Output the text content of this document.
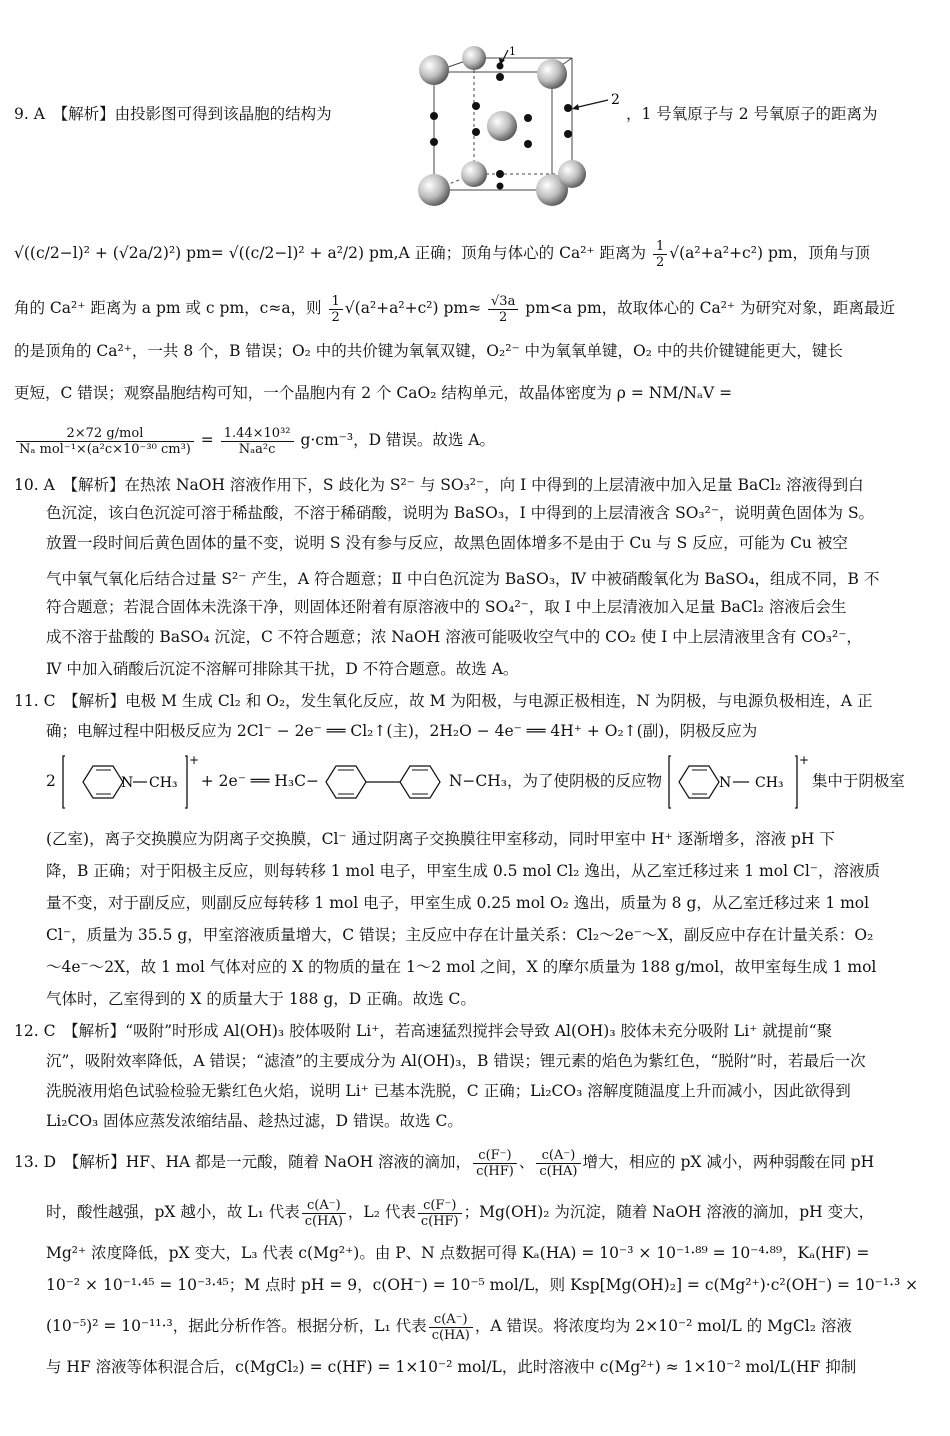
9. A　【解析】由投影图可得到该晶胞的结构为
1
2
，1 号氧原子与 2 号氧原子的距离为
√((c/2−l)² + (√2a/2)²) pm= √((c/2−l)² + a²/2) pm,A 正确；顶角与体心的 Ca²⁺ 距离为 $\frac{1}{2} √(a^2+a^2+c^2)$ pm，顶角与顶
角的 Ca²⁺ 距离为 a pm 或 c pm，c≈a，则 $\frac{1}{2} √(a^2+a^2+c^2)$ $pm\approx \frac{√3a}{2} pm<a$ pm，故取体心的 Ca²⁺ 为研究对象，距离最近
的是顶角的 Ca²⁺，一共 8 个，B 错误；O₂ 中的共价键为氧氧双键，O₂²⁻ 中为氧氧单键，O₂ 中的共价键键能更大，键长
更短，C 错误；观察晶胞结构可知，一个晶胞内有 2 个 CaO₂ 结构单元，故晶体密度为 ρ = NM/NₐV =
$\frac{\text{2×72 g/mol}}{\text{Nₐ mol⁻¹×(a²c×10⁻³⁰ cm³)}} = \frac{\text{1.44×10³²}}{\text{Nₐa²c}} g\cdot cm^{-3}$，D 错误。故选 A。
10. A　【解析】在热浓 NaOH 溶液作用下，S 歧化为 S²⁻ 与 SO₃²⁻，向 Ⅰ 中得到的上层清液中加入足量 BaCl₂ 溶液得到白
色沉淀，该白色沉淀可溶于稀盐酸，不溶于稀硝酸，说明为 BaSO₃，Ⅰ 中得到的上层清液含 SO₃²⁻，说明黄色固体为 S。
放置一段时间后黄色固体的量不变，说明 S 没有参与反应，故黑色固体增多不是由于 Cu 与 S 反应，可能为 Cu 被空
气中氧气氧化后结合过量 S²⁻ 产生，A 符合题意；Ⅱ 中白色沉淀为 BaSO₃，Ⅳ 中被硝酸氧化为 BaSO₄，组成不同，B 不
符合题意；若混合固体未洗涤干净，则固体还附着有原溶液中的 SO₄²⁻，取 Ⅰ 中上层清液加入足量 BaCl₂ 溶液后会生
成不溶于盐酸的 BaSO₄ 沉淀，C 不符合题意；浓 NaOH 溶液可能吸收空气中的 CO₂ 使 Ⅰ 中上层清液里含有 CO₃²⁻，
Ⅳ 中加入硝酸后沉淀不溶解可排除其干扰，D 不符合题意。故选 A。
11. C　【解析】电极 M 生成 Cl₂ 和 O₂，发生氧化反应，故 M 为阳极，与电源正极相连，N 为阴极，与电源负极相连，A 正
确；电解过程中阳极反应为 2Cl⁻ − 2e⁻ ══ Cl₂↑(主)，2H₂O − 4e⁻ ══ 4H⁺ + O₂↑(副)，阴极反应为
2	N CH₃
+
+ 2e⁻ ══ H₃C−	N−CH₃，为了使阴极的反应物	N CH₃
+
集中于阴极室
(乙室)，离子交换膜应为阴离子交换膜，Cl⁻ 通过阴离子交换膜往甲室移动，同时甲室中 H⁺ 逐渐增多，溶液 pH 下
降，B 正确；对于阳极主反应，则每转移 1 mol 电子，甲室生成 0.5 mol Cl₂ 逸出，从乙室迁移过来 1 mol Cl⁻，溶液质
量不变，对于副反应，则副反应每转移 1 mol 电子，甲室生成 0.25 mol O₂ 逸出，质量为 8 g，从乙室迁移过来 1 mol
Cl⁻，质量为 35.5 g，甲室溶液质量增大，C 错误；主反应中存在计量关系：Cl₂～2e⁻～X，副反应中存在计量关系：O₂
～4e⁻～2X，故 1 mol 气体对应的 X 的物质的量在 1～2 mol 之间，X 的摩尔质量为 188 g/mol，故甲室每生成 1 mol
气体时，乙室得到的 X 的质量大于 188 g，D 正确。故选 C。
12. C　【解析】“吸附”时形成 Al(OH)₃ 胶体吸附 Li⁺，若高速猛烈搅拌会导致 Al(OH)₃ 胶体未充分吸附 Li⁺ 就提前“聚
沉”，吸附效率降低，A 错误；“滤渣”的主要成分为 Al(OH)₃，B 错误；锂元素的焰色为紫红色，“脱附”时，若最后一次
洗脱液用焰色试验检验无紫红色火焰，说明 Li⁺ 已基本洗脱，C 正确；Li₂CO₃ 溶解度随温度上升而减小，因此欲得到
Li₂CO₃ 固体应蒸发浓缩结晶、趁热过滤，D 错误。故选 C。
13. D　【解析】HF、HA 都是一元酸，随着 NaOH 溶液的滴加， $\frac{c(F^-)}{c(HF)}$ 、 $\frac{c(A^-)}{c(HA)}$ 增大，相应的 pX 减小，两种弱酸在同 pH
时，酸性越强，pX 越小，故 L₁ 代表 $\frac{c(A^-)}{c(HA)}$ ，L₂ 代表 $\frac{c(F^-)}{c(HF)}$ ；Mg(OH)₂ 为沉淀，随着 NaOH 溶液的滴加，pH 变大，
Mg²⁺ 浓度降低，pX 变大，L₃ 代表 c(Mg²⁺)。由 P、N 点数据可得 Kₐ(HA) = 10⁻³ × 10⁻¹·⁸⁹ = 10⁻⁴·⁸⁹，Kₐ(HF) =
10⁻² × 10⁻¹·⁴⁵ = 10⁻³·⁴⁵；M 点时 pH = 9，c(OH⁻) = 10⁻⁵ mol/L，则 Ksp[Mg(OH)₂] = c(Mg²⁺)·c²(OH⁻) = 10⁻¹·³ ×
(10⁻⁵)² = 10⁻¹¹·³，据此分析作答。根据分析，L₁ 代表 $\frac{c(A^-)}{c(HA)}$ ，A 错误。将浓度均为 2×10⁻² mol/L 的 MgCl₂ 溶液
与 HF 溶液等体积混合后，c(MgCl₂) = c(HF) = 1×10⁻² mol/L，此时溶液中 c(Mg²⁺) ≈ 1×10⁻² mol/L(HF 抑制
